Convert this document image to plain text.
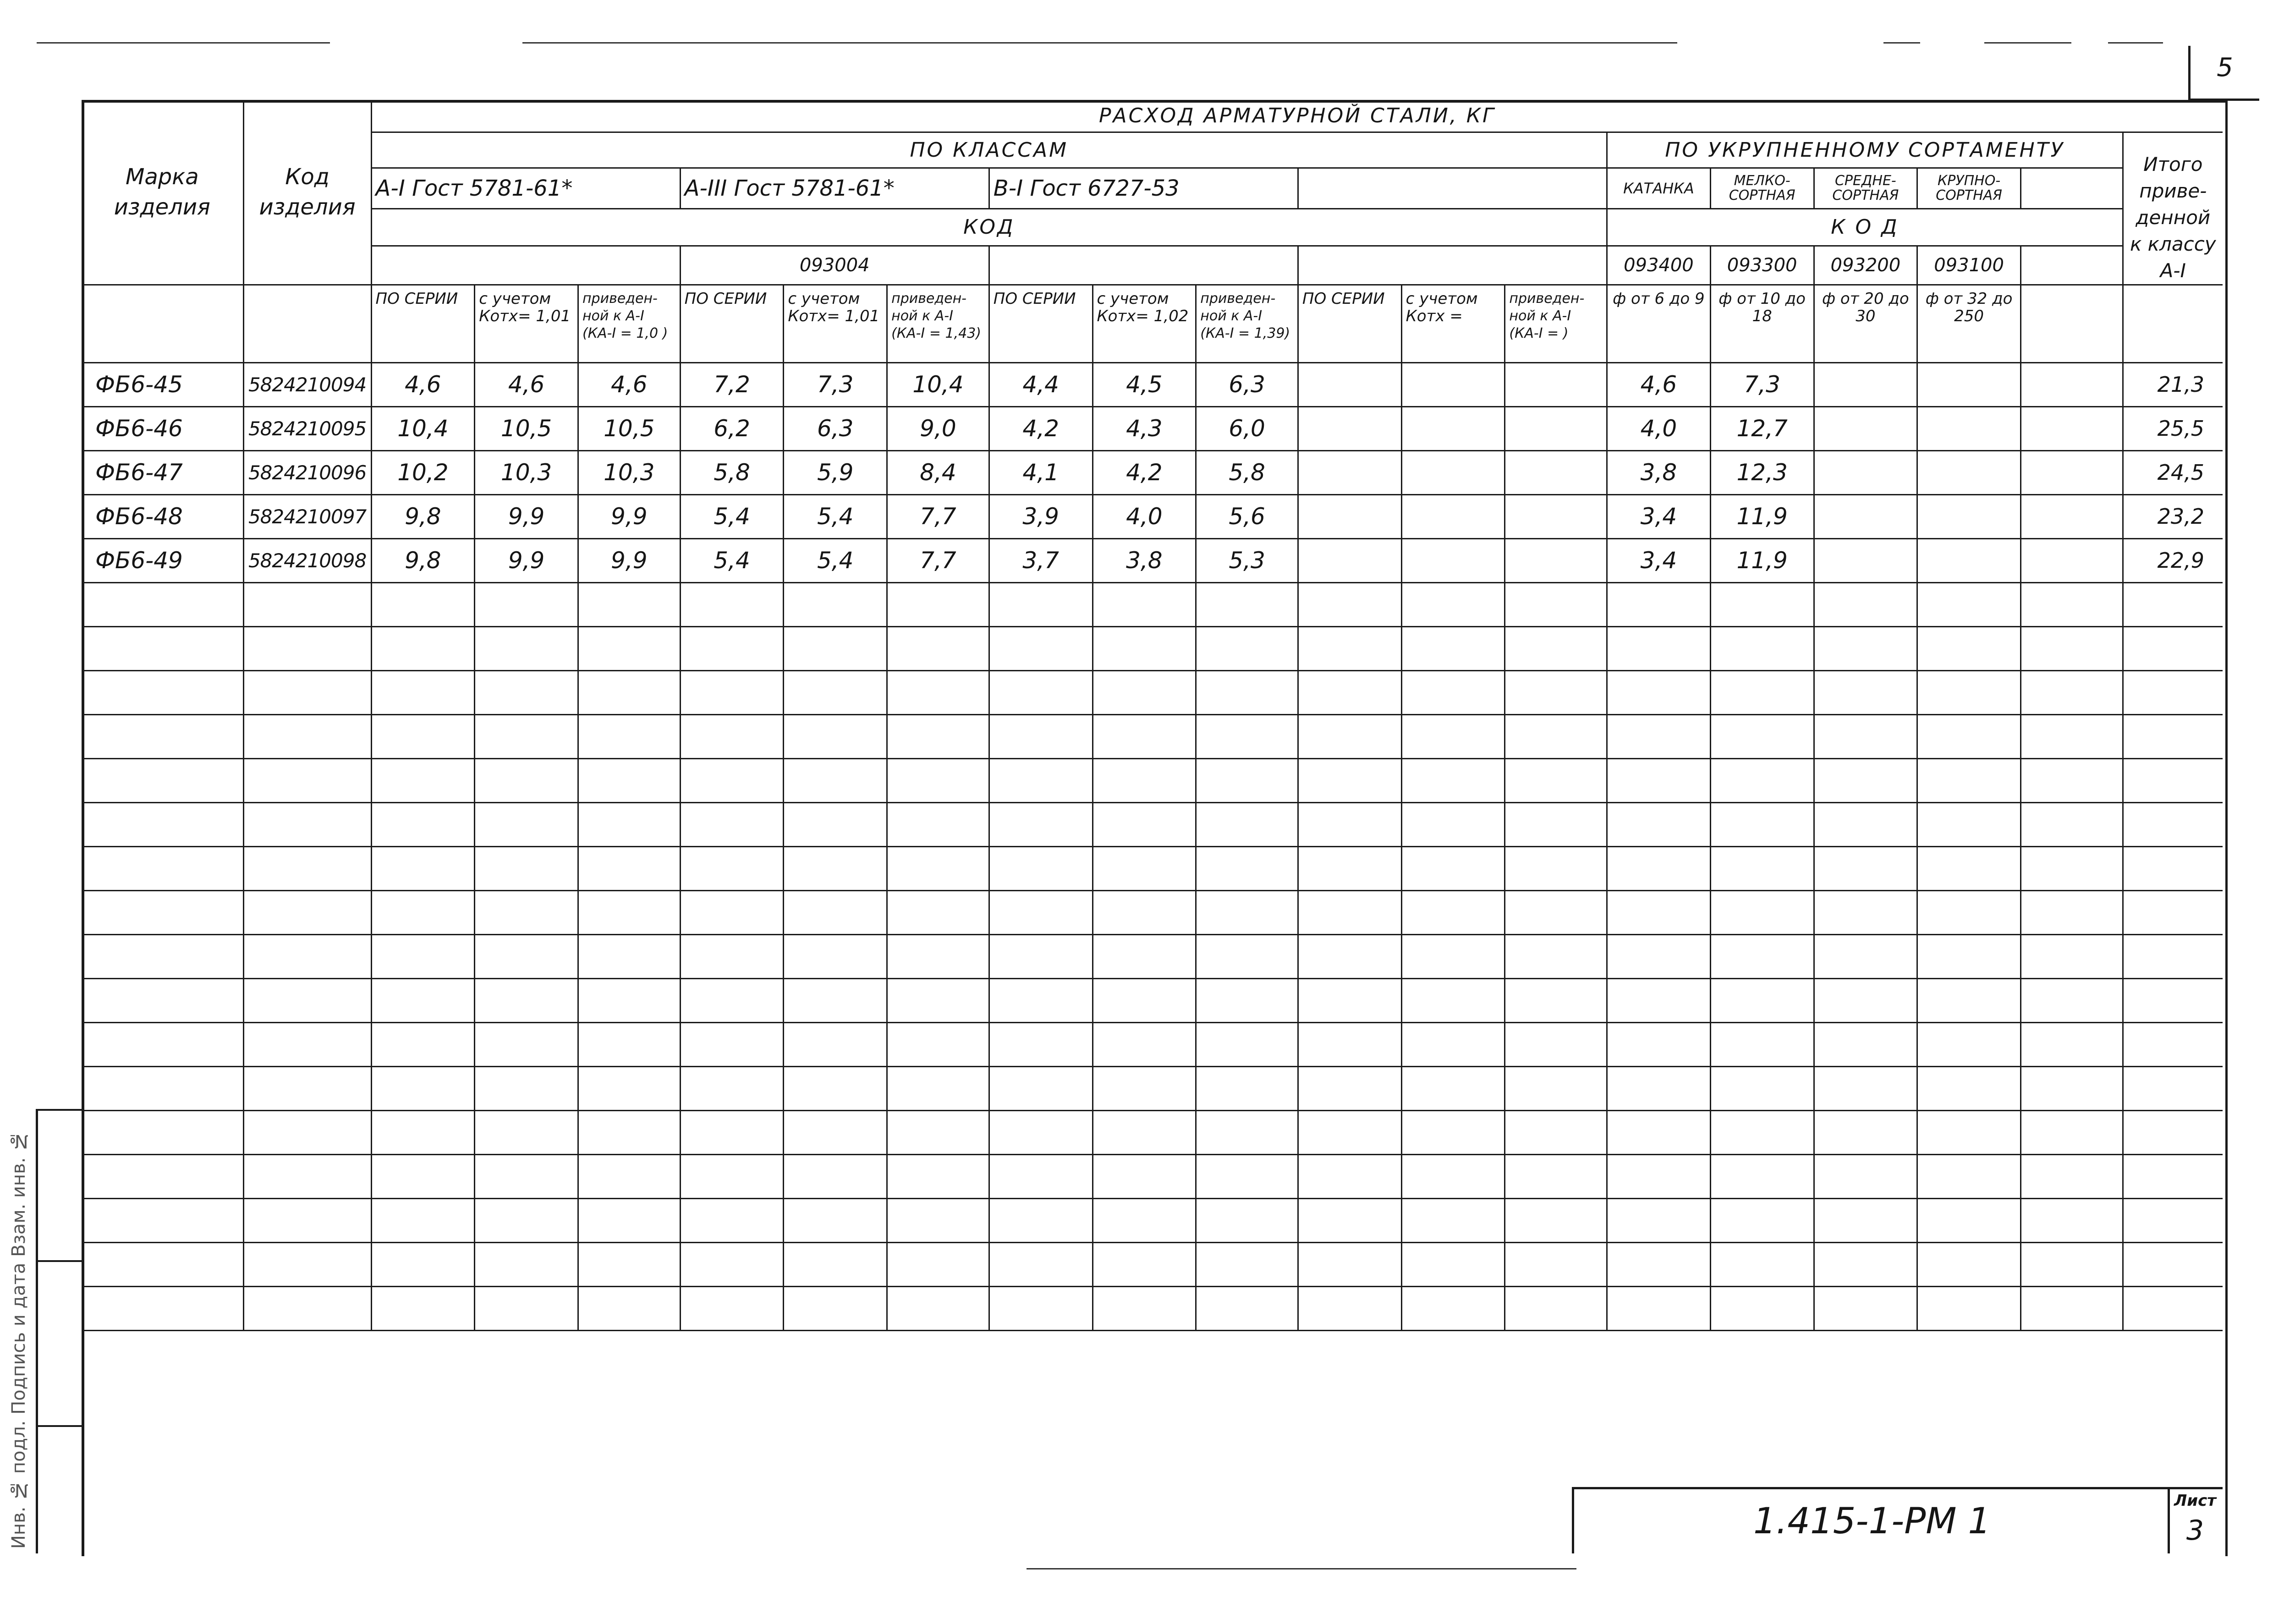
5
Марка изделия	Код изделия	РАСХОД АРМАТУРНОЙ СТАЛИ, КГ																	
		ПО КЛАССАМ												ПО УКРУПНЕННОМУ СОРТАМЕНТУ					Итого приве-денной к классу А-I
		А-I Гост 5781-61*			А-III Гост 5781-61*			В-I Гост 6727-53						КАТАНКА	МЕЛКО-СОРТНАЯ	СРЕДНЕ-СОРТНАЯ	КРУПНО-СОРТНАЯ		
		КОД												К О Д					
					093004									093400	093300	093200	093100		
		ПО СЕРИИ	с учетом Котх= 1,01	приведен-ной к А-I (КА-I = 1,0 )	ПО СЕРИИ	с учетом Котх= 1,01	приведен-ной к А-I (КА-I = 1,43)	ПО СЕРИИ	с учетом Котх= 1,02	приведен-ной к А-I (КА-I = 1,39)	ПО СЕРИИ	с учетом Котх =	приведен-ной к А-I (КА-I = )	ф от 6 до 9	ф от 10 до 18	ф от 20 до 30	ф от 32 до 250		
ФБ6-45	5824210094	4,6	4,6	4,6	7,2	7,3	10,4	4,4	4,5	6,3				4,6	7,3				21,3
ФБ6-46	5824210095	10,4	10,5	10,5	6,2	6,3	9,0	4,2	4,3	6,0				4,0	12,7				25,5
ФБ6-47	5824210096	10,2	10,3	10,3	5,8	5,9	8,4	4,1	4,2	5,8				3,8	12,3				24,5
ФБ6-48	5824210097	9,8	9,9	9,9	5,4	5,4	7,7	3,9	4,0	5,6				3,4	11,9				23,2
ФБ6-49	5824210098	9,8	9,9	9,9	5,4	5,4	7,7	3,7	3,8	5,3				3,4	11,9				22,9

Инв. № подл. Подпись и дата Взам. инв. №	1.415-1-РМ 1	Лист
3
